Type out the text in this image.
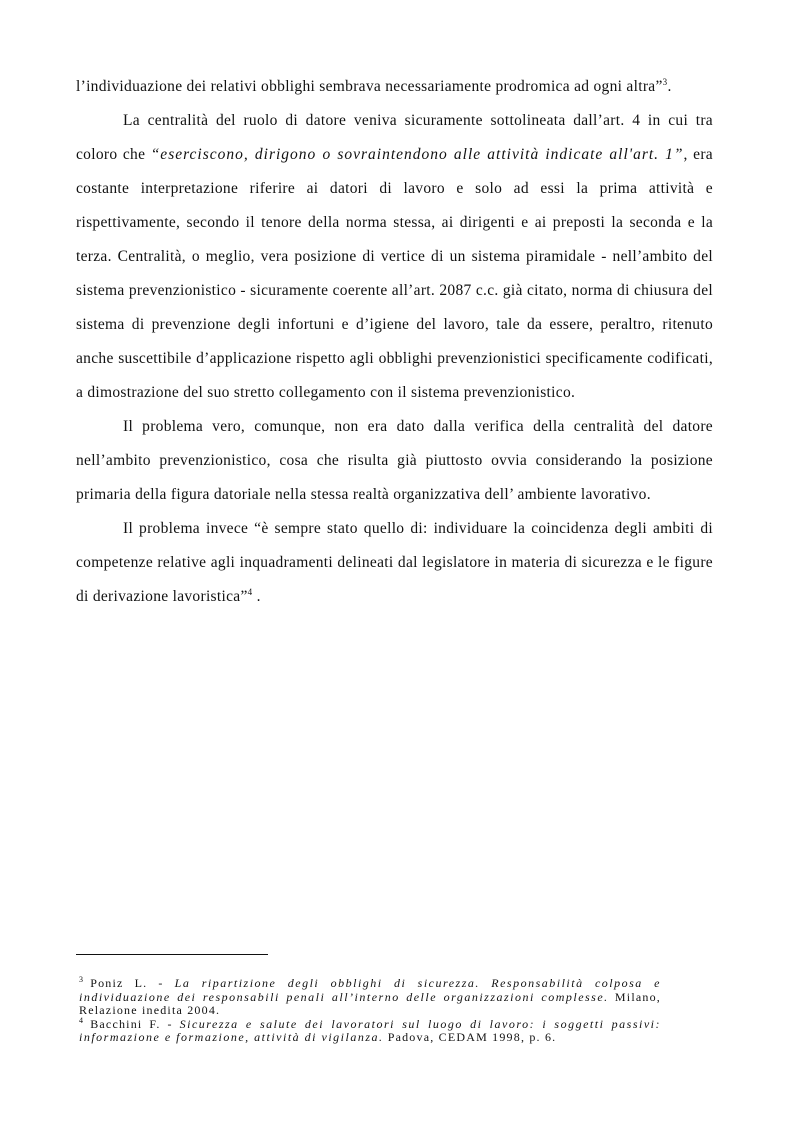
l’individuazione dei relativi obblighi sembrava necessariamente prodromica ad ogni altra”$^3$.

La centralità del ruolo di datore veniva sicuramente sottolineata dall’art. 4 in cui tra coloro che “eserciscono, dirigono o sovraintendono alle attività indicate all'art. 1”, era costante interpretazione riferire ai datori di lavoro e solo ad essi la prima attività e rispettivamente, secondo il tenore della norma stessa, ai dirigenti e ai preposti la seconda e la terza. Centralità, o meglio, vera posizione di vertice di un sistema piramidale - nell’ambito del sistema prevenzionistico - sicuramente coerente all’art. 2087 c.c. già citato, norma di chiusura del sistema di prevenzione degli infortuni e d’igiene del lavoro, tale da essere, peraltro, ritenuto anche suscettibile d’applicazione rispetto agli obblighi prevenzionistici specificamente codificati, a dimostrazione del suo stretto collegamento con il sistema prevenzionistico.

Il problema vero, comunque, non era dato dalla verifica della centralità del datore nell’ambito prevenzionistico, cosa che risulta già piuttosto ovvia considerando la posizione primaria della figura datoriale nella stessa realtà organizzativa dell’ ambiente lavorativo.

Il problema invece “è sempre stato quello di: individuare la coincidenza degli ambiti di competenze relative agli inquadramenti delineati dal legislatore in materia di sicurezza e le figure di derivazione lavoristica”$^4$ .

$^3$ Poniz L. - La ripartizione degli obblighi di sicurezza. Responsabilità colposa e individuazione dei responsabili penali all’interno delle organizzazioni complesse. Milano, Relazione inedita 2004.

$^4$ Bacchini F. - Sicurezza e salute dei lavoratori sul luogo di lavoro: i soggetti passivi: informazione e formazione, attività di vigilanza. Padova, CEDAM 1998, p. 6.
